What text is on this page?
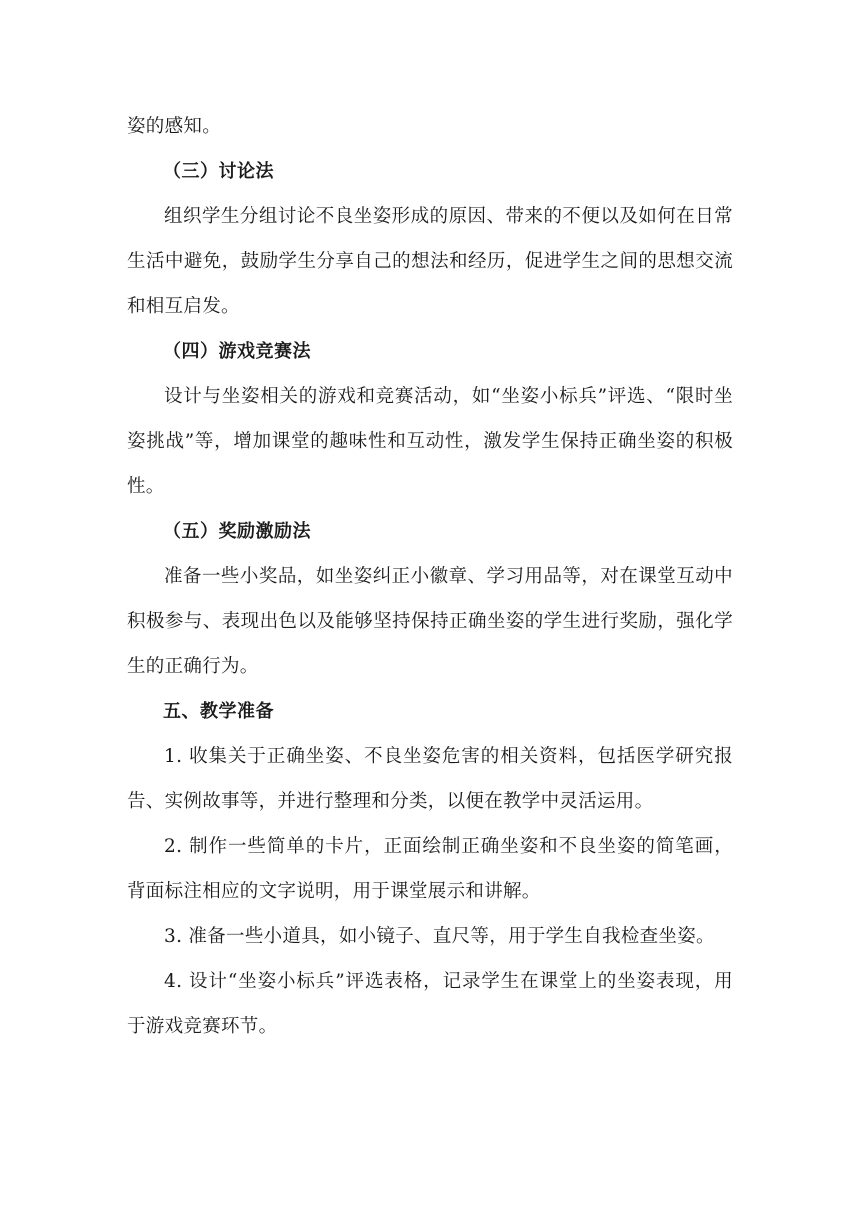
姿的感知。

（三）讨论法

组织学生分组讨论不良坐姿形成的原因、带来的不便以及如何在日常生活中避免，鼓励学生分享自己的想法和经历，促进学生之间的思想交流和相互启发。

（四）游戏竞赛法

设计与坐姿相关的游戏和竞赛活动，如“坐姿小标兵”评选、“限时坐姿挑战”等，增加课堂的趣味性和互动性，激发学生保持正确坐姿的积极性。

（五）奖励激励法

准备一些小奖品，如坐姿纠正小徽章、学习用品等，对在课堂互动中积极参与、表现出色以及能够坚持保持正确坐姿的学生进行奖励，强化学生的正确行为。

五、教学准备

1. 收集关于正确坐姿、不良坐姿危害的相关资料，包括医学研究报告、实例故事等，并进行整理和分类，以便在教学中灵活运用。

2. 制作一些简单的卡片，正面绘制正确坐姿和不良坐姿的简笔画，背面标注相应的文字说明，用于课堂展示和讲解。

3. 准备一些小道具，如小镜子、直尺等，用于学生自我检查坐姿。

4. 设计“坐姿小标兵”评选表格，记录学生在课堂上的坐姿表现，用于游戏竞赛环节。
